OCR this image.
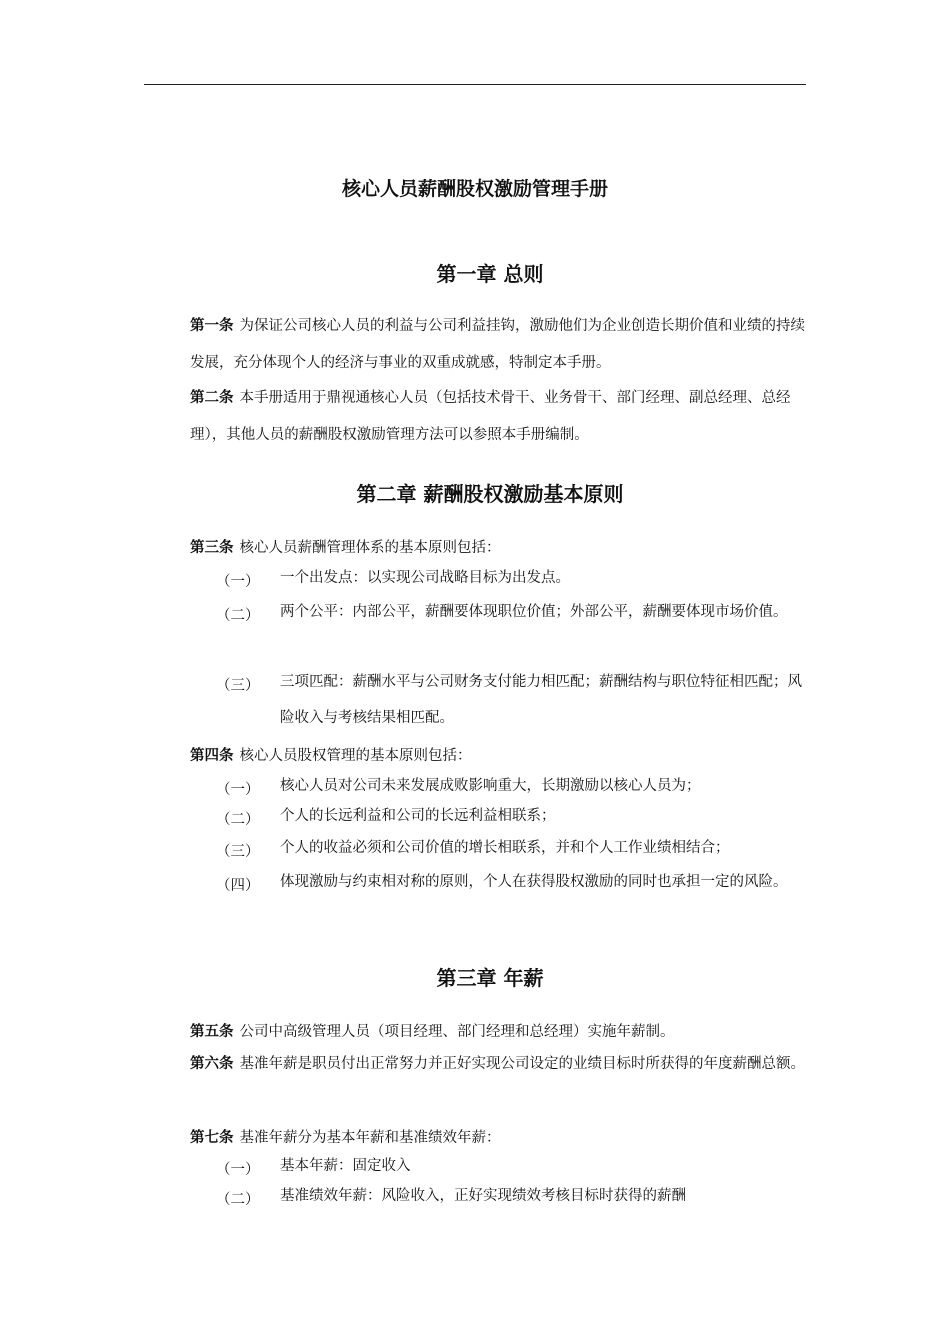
核心人员薪酬股权激励管理手册
第一章 总则
第一条 为保证公司核心人员的利益与公司利益挂钩，激励他们为企业创造长期价值和业绩的持续发展，充分体现个人的经济与事业的双重成就感，特制定本手册。
第二条 本手册适用于鼎视通核心人员（包括技术骨干、业务骨干、部门经理、副总经理、总经理），其他人员的薪酬股权激励管理方法可以参照本手册编制。
第二章 薪酬股权激励基本原则
第三条 核心人员薪酬管理体系的基本原则包括：
（一）	一个出发点：以实现公司战略目标为出发点。
（二）	两个公平：内部公平，薪酬要体现职位价值；外部公平，薪酬要体现市场价值。
（三）	三项匹配：薪酬水平与公司财务支付能力相匹配；薪酬结构与职位特征相匹配；风险收入与考核结果相匹配。
第四条 核心人员股权管理的基本原则包括：
（一）	核心人员对公司未来发展成败影响重大，长期激励以核心人员为；
（二）	个人的长远利益和公司的长远利益相联系；
（三）	个人的收益必须和公司价值的增长相联系，并和个人工作业绩相结合；
（四）	体现激励与约束相对称的原则，个人在获得股权激励的同时也承担一定的风险。
第三章 年薪
第五条 公司中高级管理人员（项目经理、部门经理和总经理）实施年薪制。
第六条 基准年薪是职员付出正常努力并正好实现公司设定的业绩目标时所获得的年度薪酬总额。
第七条 基准年薪分为基本年薪和基准绩效年薪：
（一）	基本年薪：固定收入
（二）	基准绩效年薪：风险收入，正好实现绩效考核目标时获得的薪酬
